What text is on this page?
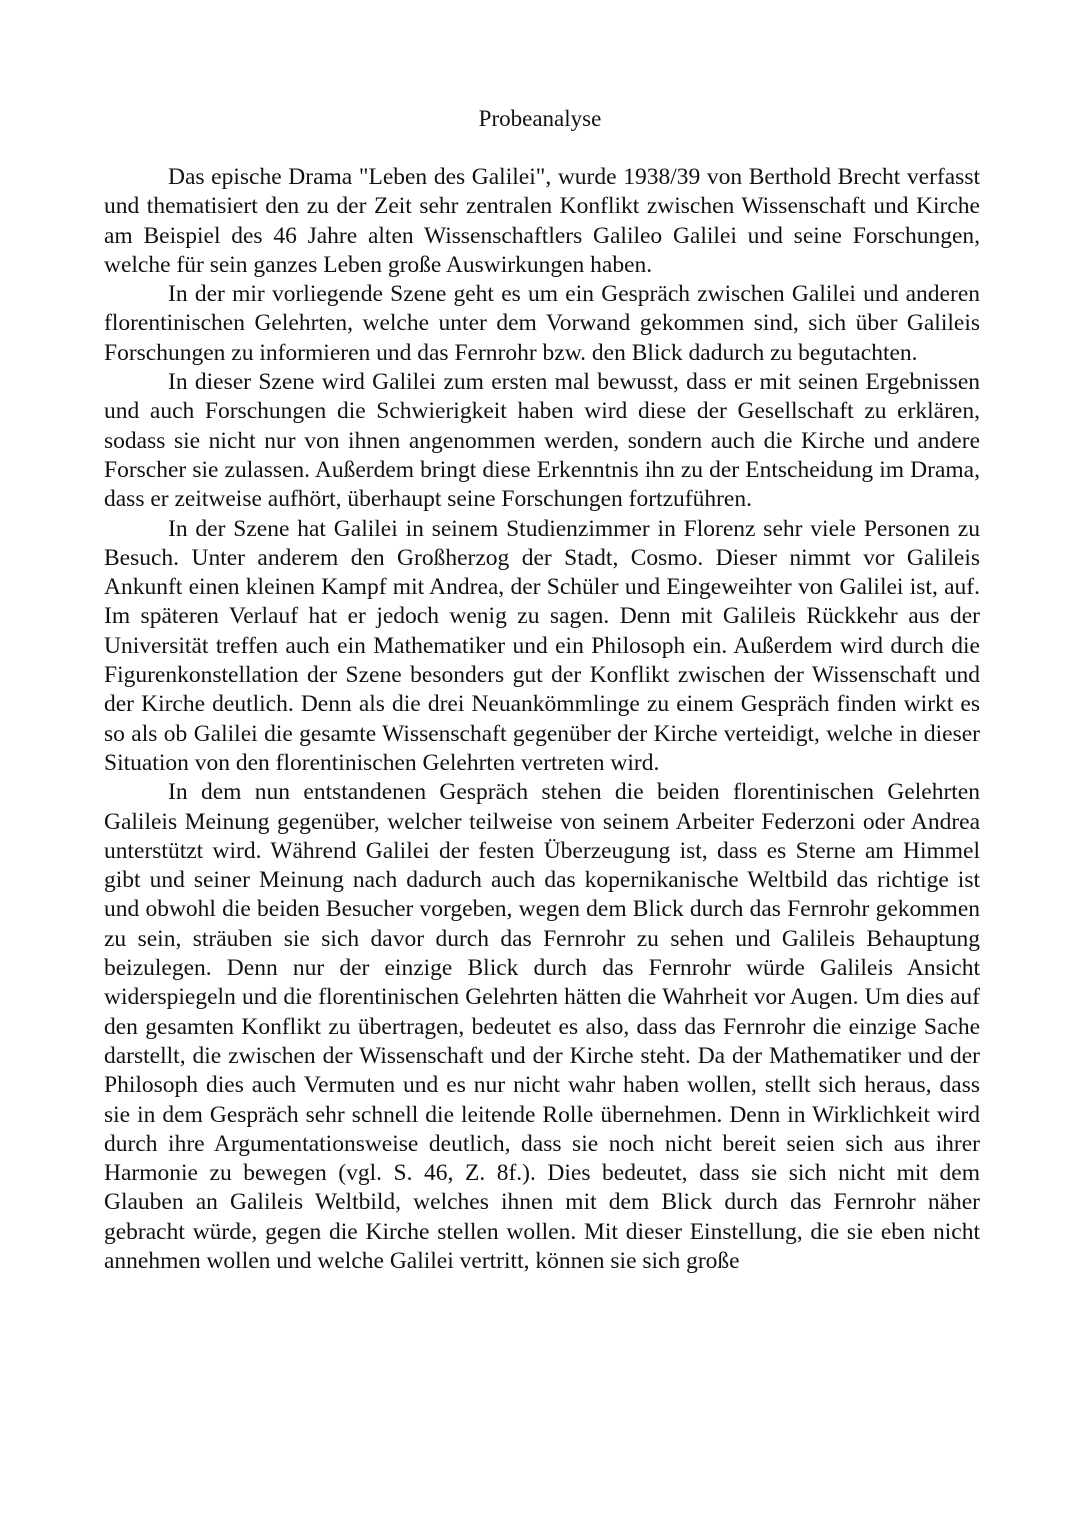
Probeanalyse

Das epische Drama "Leben des Galilei", wurde 1938/39 von Berthold Brecht verfasst und thematisiert den zu der Zeit sehr zentralen Konflikt zwischen Wissenschaft und Kirche am Beispiel des 46 Jahre alten Wissenschaftlers Galileo Galilei und seine Forschungen, welche für sein ganzes Leben große Auswirkungen haben.

In der mir vorliegende Szene geht es um ein Gespräch zwischen Galilei und anderen florentinischen Gelehrten, welche unter dem Vorwand gekommen sind, sich über Galileis Forschungen zu informieren und das Fernrohr bzw. den Blick dadurch zu begutachten.

In dieser Szene wird Galilei zum ersten mal bewusst, dass er mit seinen Ergebnissen und auch Forschungen die Schwierigkeit haben wird diese der Gesellschaft zu erklären, sodass sie nicht nur von ihnen angenommen werden, sondern auch die Kirche und andere Forscher sie zulassen. Außerdem bringt diese Erkenntnis ihn zu der Entscheidung im Drama, dass er zeitweise aufhört, überhaupt seine Forschungen fortzuführen.

In der Szene hat Galilei in seinem Studienzimmer in Florenz sehr viele Personen zu Besuch. Unter anderem den Großherzog der Stadt, Cosmo. Dieser nimmt vor Galileis Ankunft einen kleinen Kampf mit Andrea, der Schüler und Eingeweihter von Galilei ist, auf. Im späteren Verlauf hat er jedoch wenig zu sagen. Denn mit Galileis Rückkehr aus der Universität treffen auch ein Mathematiker und ein Philosoph ein. Außerdem wird durch die Figurenkonstellation der Szene besonders gut der Konflikt zwischen der Wissenschaft und der Kirche deutlich. Denn als die drei Neuankömmlinge zu einem Gespräch finden wirkt es so als ob Galilei die gesamte Wissenschaft gegenüber der Kirche verteidigt, welche in dieser Situation von den florentinischen Gelehrten vertreten wird.

In dem nun entstandenen Gespräch stehen die beiden florentinischen Gelehrten Galileis Meinung gegenüber, welcher teilweise von seinem Arbeiter Federzoni oder Andrea unterstützt wird. Während Galilei der festen Überzeugung ist, dass es Sterne am Himmel gibt und seiner Meinung nach dadurch auch das kopernikanische Weltbild das richtige ist und obwohl die beiden Besucher vorgeben, wegen dem Blick durch das Fernrohr gekommen zu sein, sträuben sie sich davor durch das Fernrohr zu sehen und Galileis Behauptung beizulegen. Denn nur der einzige Blick durch das Fernrohr würde Galileis Ansicht widerspiegeln und die florentinischen Gelehrten hätten die Wahrheit vor Augen. Um dies auf den gesamten Konflikt zu übertragen, bedeutet es also, dass das Fernrohr die einzige Sache darstellt, die zwischen der Wissenschaft und der Kirche steht. Da der Mathematiker und der Philosoph dies auch Vermuten und es nur nicht wahr haben wollen, stellt sich heraus, dass sie in dem Gespräch sehr schnell die leitende Rolle übernehmen. Denn in Wirklichkeit wird durch ihre Argumentationsweise deutlich, dass sie noch nicht bereit seien sich aus ihrer Harmonie zu bewegen (vgl. S. 46, Z. 8f.). Dies bedeutet, dass sie sich nicht mit dem Glauben an Galileis Weltbild, welches ihnen mit dem Blick durch das Fernrohr näher gebracht würde, gegen die Kirche stellen wollen. Mit dieser Einstellung, die sie eben nicht annehmen wollen und welche Galilei vertritt, können sie sich große
